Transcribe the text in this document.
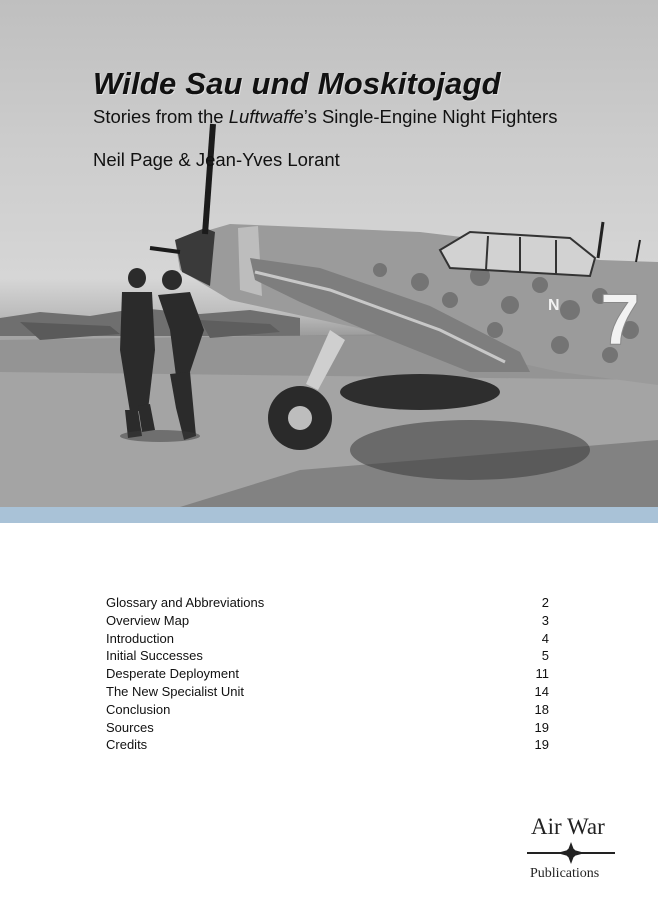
N 7
Wilde Sau und Moskitojagd

Stories from the Luftwaffe’s Single-Engine Night Fighters

Neil Page & Jean-Yves Lorant

Glossary and Abbreviations	2
Overview Map	3
Introduction	4
Initial Successes	5
Desperate Deployment	11
The New Specialist Unit	14
Conclusion	18
Sources	19
Credits	19
Air War
Publications
